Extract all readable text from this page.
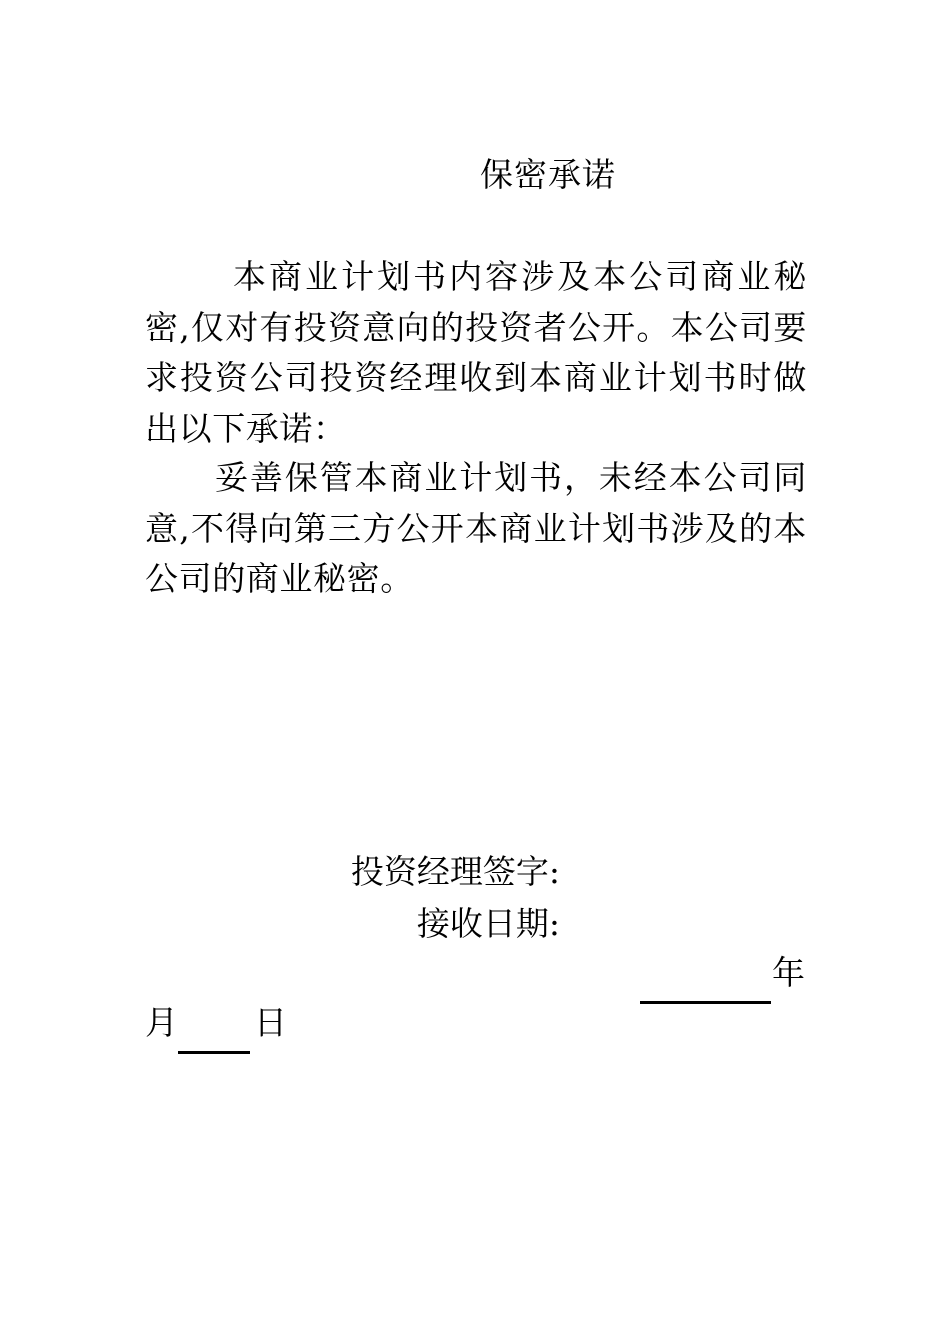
保密承诺
本商业计划书内容涉及本公司商业秘密,仅对有投资意向的投资者公开。本公司要求投资公司投资经理收到本商业计划书时做出以下承诺：
妥善保管本商业计划书，未经本公司同意,不得向第三方公开本商业计划书涉及的本公司的商业秘密。
投资经理签字:
接收日期:
年
月 日
